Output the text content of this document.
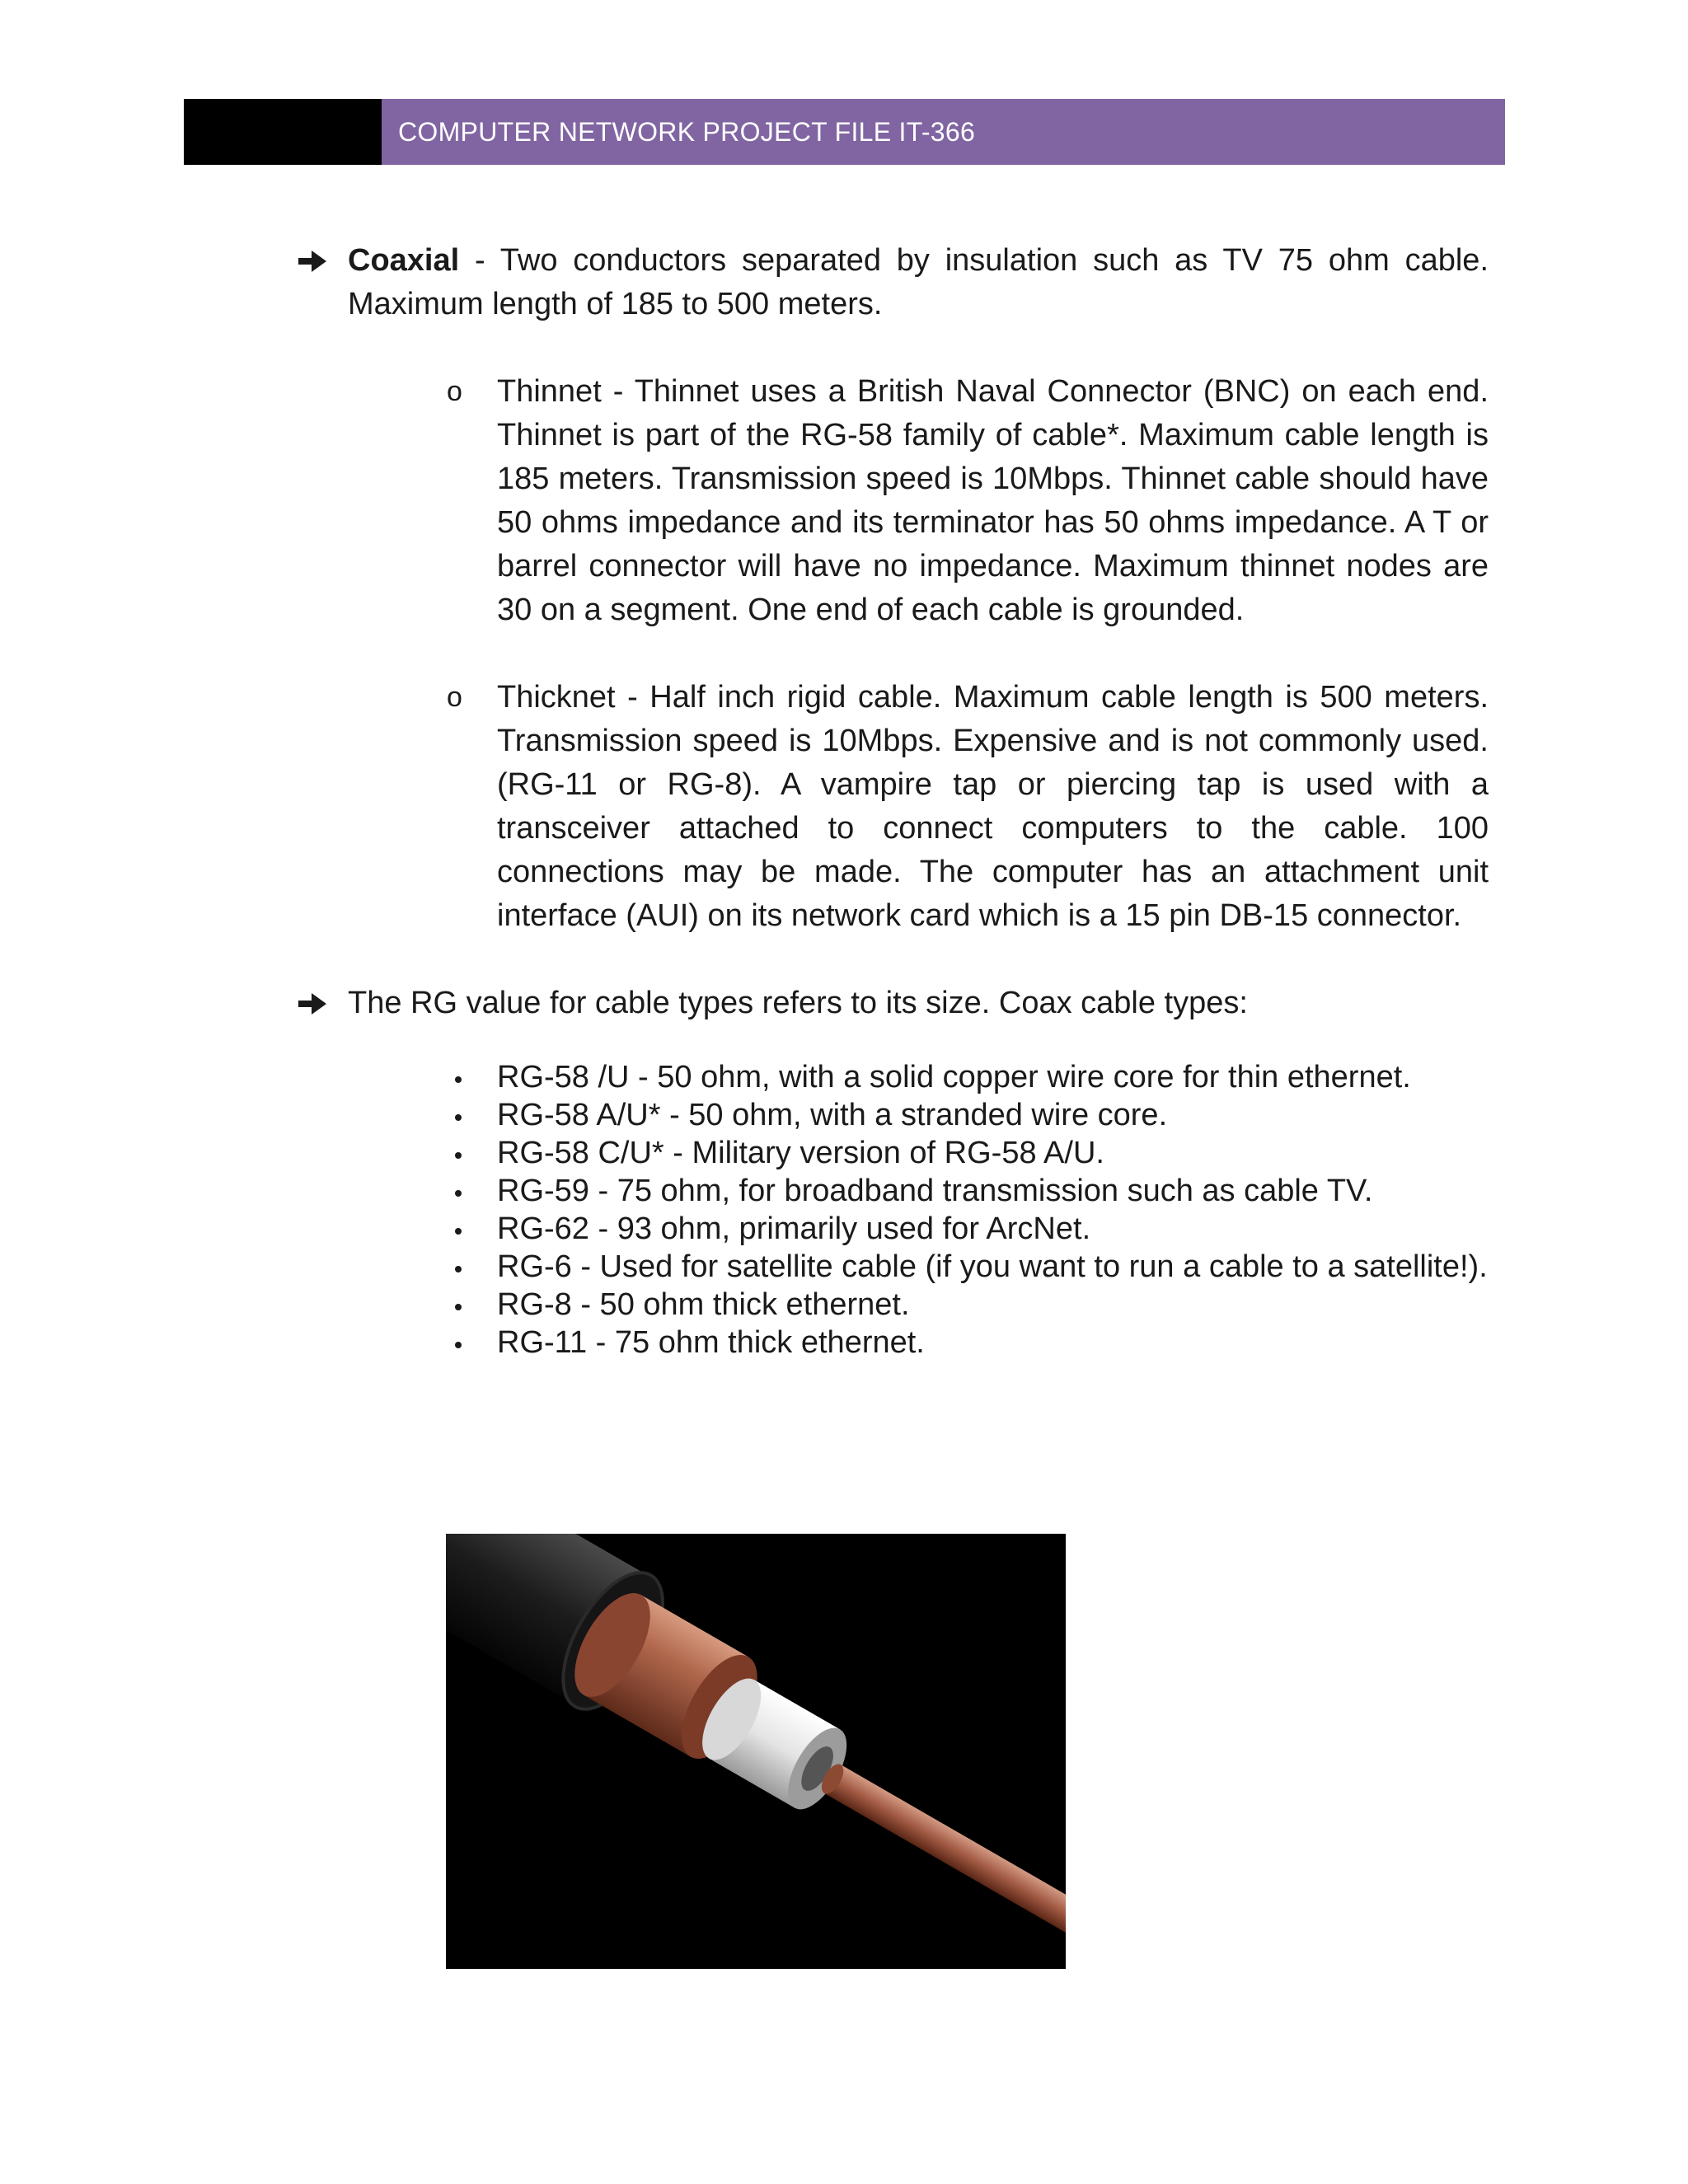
COMPUTER NETWORK PROJECT FILE IT-366
Coaxial - Two conductors separated by insulation such as TV 75 ohm cable. Maximum length of 185 to 500 meters.
o	Thinnet - Thinnet uses a British Naval Connector (BNC) on each end. Thinnet is part of the RG-58 family of cable*. Maximum cable length is 185 meters. Transmission speed is 10Mbps. Thinnet cable should have 50 ohms impedance and its terminator has 50 ohms impedance. A T or barrel connector will have no impedance. Maximum thinnet nodes are 30 on a segment. One end of each cable is grounded.
o	Thicknet - Half inch rigid cable. Maximum cable length is 500 meters. Transmission speed is 10Mbps. Expensive and is not commonly used. (RG-11 or RG-8). A vampire tap or piercing tap is used with a transceiver attached to connect computers to the cable. 100 connections may be made. The computer has an attachment unit interface (AUI) on its network card which is a 15 pin DB-15 connector.
The RG value for cable types refers to its size. Coax cable types:
RG-58 /U - 50 ohm, with a solid copper wire core for thin ethernet.
RG-58 A/U* - 50 ohm, with a stranded wire core.
RG-58 C/U* - Military version of RG-58 A/U.
RG-59 - 75 ohm, for broadband transmission such as cable TV.
RG-62 - 93 ohm, primarily used for ArcNet.
RG-6 - Used for satellite cable (if you want to run a cable to a satellite!).
RG-8 - 50 ohm thick ethernet.
RG-11 - 75 ohm thick ethernet.
